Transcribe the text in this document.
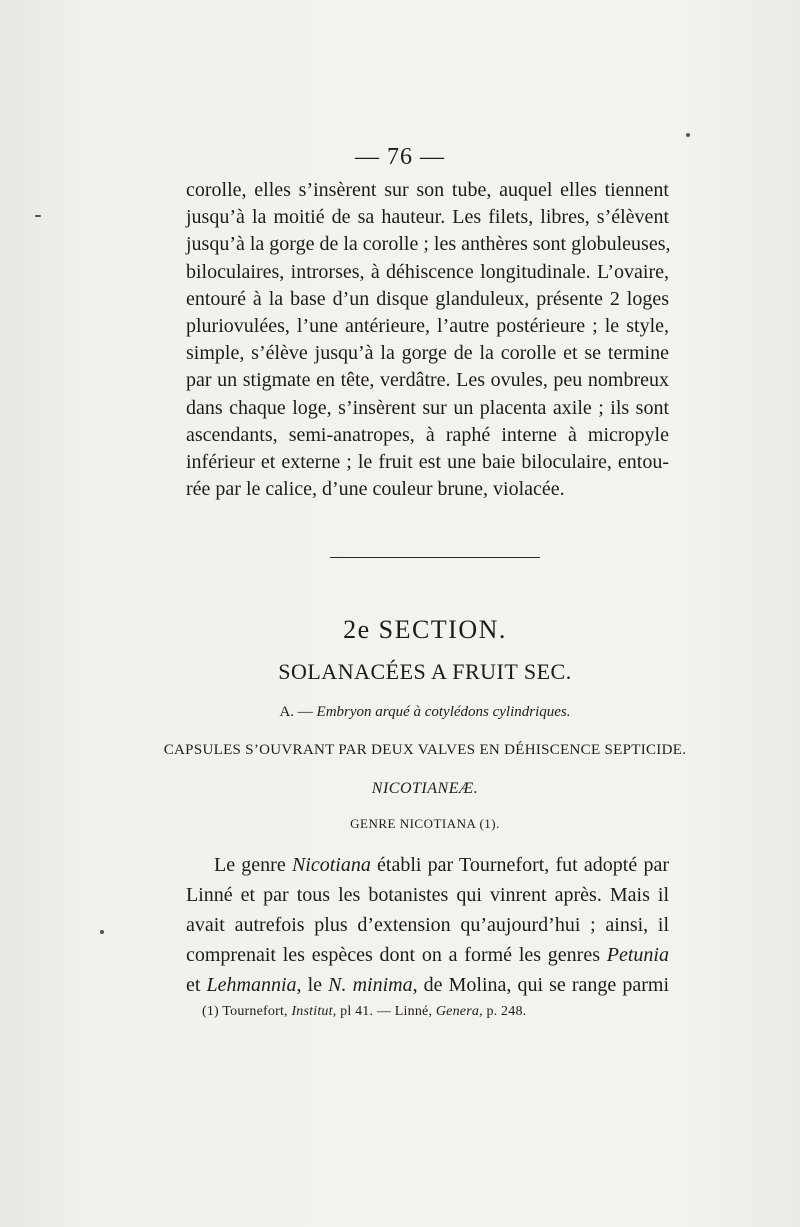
— 76 —
corolle, elles s’insèrent sur son tube, auquel elles tiennent
jusqu’à la moitié de sa hauteur. Les filets, libres, s’élèvent
jusqu’à la gorge de la corolle ; les anthères sont globuleuses,
biloculaires, introrses, à déhiscence longitudinale. L’ovaire,
entouré à la base d’un disque glanduleux, présente 2 loges
pluriovulées, l’une antérieure, l’autre postérieure ; le style,
simple, s’élève jusqu’à la gorge de la corolle et se termine
par un stigmate en tête, verdâtre. Les ovules, peu nombreux
dans chaque loge, s’insèrent sur un placenta axile ; ils sont
ascendants, semi-anatropes, à raphé interne à micropyle
inférieur et externe ; le fruit est une baie biloculaire, entou-
rée par le calice, d’une couleur brune, violacée.
2e SECTION.
SOLANACÉES A FRUIT SEC.
A. — Embryon arqué à cotylédons cylindriques.
CAPSULES S’OUVRANT PAR DEUX VALVES EN DÉHISCENCE SEPTICIDE.
NICOTIANEÆ.
GENRE NICOTIANA (1).
Le genre Nicotiana établi par Tournefort, fut adopté par
Linné et par tous les botanistes qui vinrent après. Mais il
avait autrefois plus d’extension qu’aujourd’hui ; ainsi, il
comprenait les espèces dont on a formé les genres Petunia
et Lehmannia, le N. minima, de Molina, qui se range parmi
(1) Tournefort, Institut, pl 41. — Linné, Genera, p. 248.
